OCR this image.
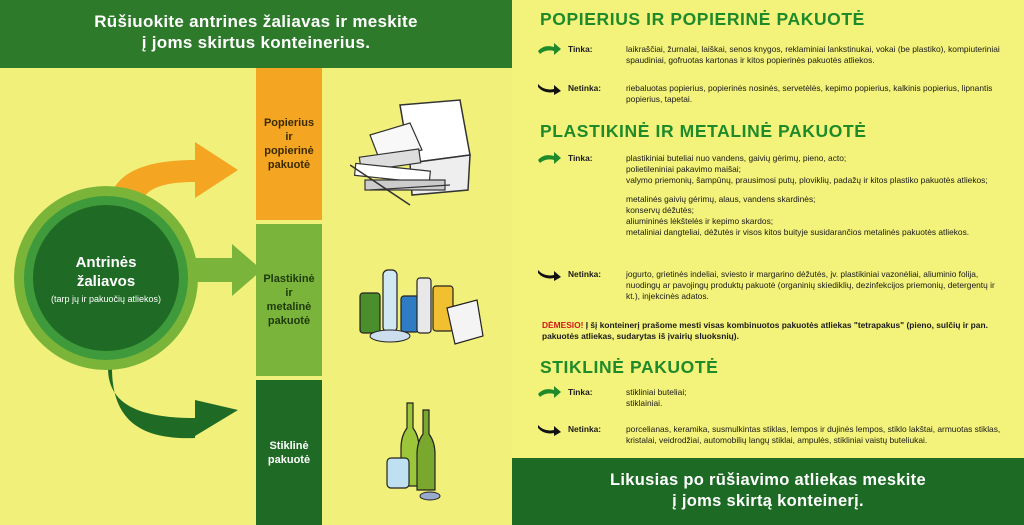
Rūšiuokite antrines žaliavas ir meskite
į joms skirtus konteinerius.
Popierius
ir
popierinė
pakuotė
Plastikinė
ir
metalinė
pakuotė
Stiklinė
pakuotė
Antrinės
žaliavos
(tarp jų ir pakuočių atliekos)
POPIERIUS IR POPIERINĖ PAKUOTĖ
Tinka:	laikraščiai, žurnalai, laiškai, senos knygos, reklaminiai lankstinukai, vokai (be plastiko), kompiuteriniai spaudiniai, gofruotas kartonas ir kitos popierinės pakuotės atliekos.
Netinka:	riebaluotas popierius, popierinės nosinės, servetėlės, kepimo popierius, kalkinis popierius, lipnantis popierius, tapetai.
PLASTIKINĖ IR METALINĖ PAKUOTĖ
Tinka:	plastikiniai buteliai nuo vandens, gaivių gėrimų, pieno, acto;
polietileniniai pakavimo maišai;
valymo priemonių, šampūnų, prausimosi putų, ploviklių, padažų ir kitos plastiko pakuotės atliekos;
metalinės gaivių gėrimų, alaus, vandens skardinės;
konservų dėžutės;
aliumininės lėkštelės ir kepimo skardos;
metaliniai dangteliai, dėžutės ir visos kitos buityje susidarančios metalinės pakuotės atliekos.
Netinka:	jogurto, grietinės indeliai, sviesto ir margarino dėžutės, jv. plastikiniai vazonėliai, aliuminio folija, nuodingų ar pavojingų produktų pakuotė (organinių skiediklių, dezinfekcijos priemonių, detergentų ir kt.), injekcinės adatos.
DĖMESIO! Į šį konteinerį prašome mesti visas kombinuotos pakuotės atliekas "tetrapakus" (pieno, sulčių ir pan. pakuotės atliekas, sudarytas iš įvairių sluoksnių).
STIKLINĖ PAKUOTĖ
Tinka:	stikliniai buteliai;
stiklainiai.
Netinka:	porcelianas, keramika, susmulkintas stiklas, lempos ir dujinės lempos, stiklo lakštai, armuotas stiklas, kristalai, veidrodžiai, automobilių langų stiklai, ampulės, stikliniai vaistų buteliukai.
Likusias po rūšiavimo atliekas meskite
į joms skirtą konteinerį.
